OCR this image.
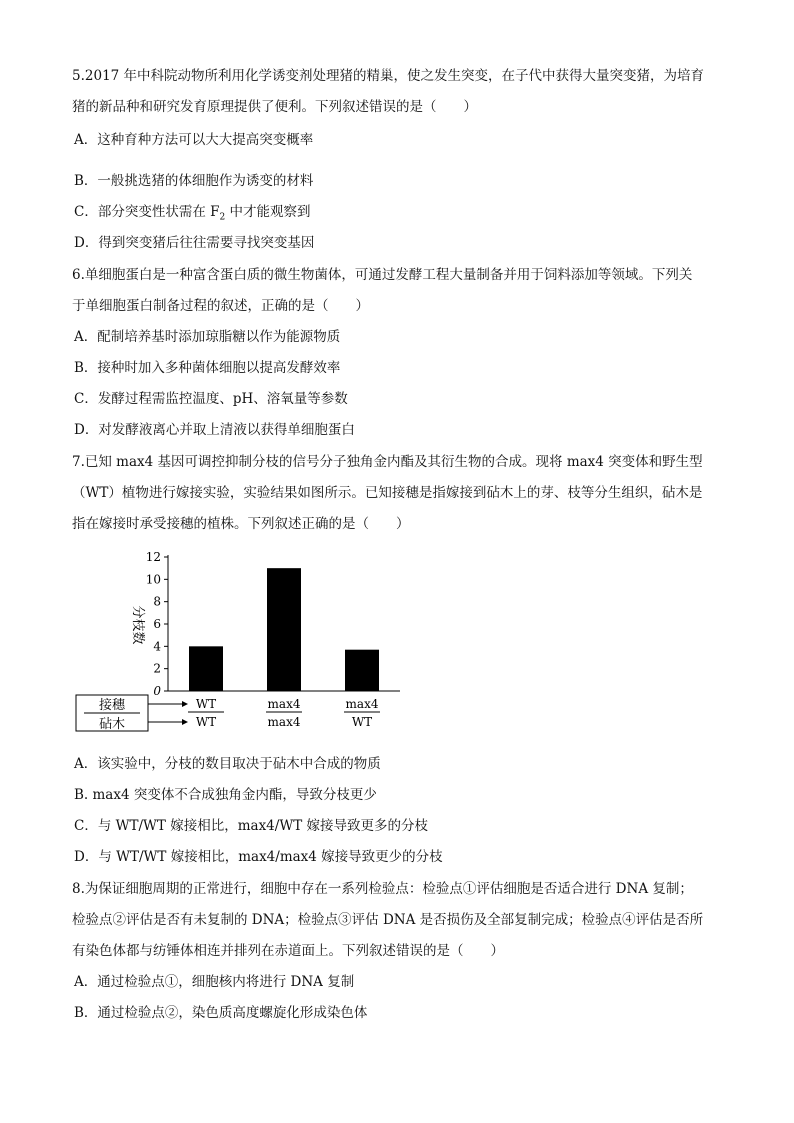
5.2017 年中科院动物所利用化学诱变剂处理猪的精巢，使之发生突变，在子代中获得大量突变猪，为培育
猪的新品种和研究发育原理提供了便利。下列叙述错误的是（　　）
A．这种育种方法可以大大提高突变概率
B．一般挑选猪的体细胞作为诱变的材料
C．部分突变性状需在 $F_2$ 中才能观察到
D．得到突变猪后往往需要寻找突变基因
6.单细胞蛋白是一种富含蛋白质的微生物菌体，可通过发酵工程大量制备并用于饲料添加等领域。下列关
于单细胞蛋白制备过程的叙述，正确的是（　　）
A．配制培养基时添加琼脂糖以作为能源物质
B．接种时加入多种菌体细胞以提高发酵效率
C．发酵过程需监控温度、pH、溶氧量等参数
D．对发酵液离心并取上清液以获得单细胞蛋白
7.已知 max4 基因可调控抑制分枝的信号分子独角金内酯及其衍生物的合成。现将 max4 突变体和野生型
（WT）植物进行嫁接实验，实验结果如图所示。已知接穗是指嫁接到砧木上的芽、枝等分生组织，砧木是
指在嫁接时承受接穗的植株。下列叙述正确的是（　　）
12
10
8
6
4
2
0
WT
WT
max4
max4
max4
WT
接穗
砧木
分枝数
A．该实验中，分枝的数目取决于砧木中合成的物质
B. max4 突变体不合成独角金内酯，导致分枝更少
C．与 WT/WT 嫁接相比，max4/WT 嫁接导致更多的分枝
D．与 WT/WT 嫁接相比，max4/max4 嫁接导致更少的分枝
8.为保证细胞周期的正常进行，细胞中存在一系列检验点：检验点①评估细胞是否适合进行 DNA 复制；
检验点②评估是否有未复制的 DNA；检验点③评估 DNA 是否损伤及全部复制完成；检验点④评估是否所
有染色体都与纺锤体相连并排列在赤道面上。下列叙述错误的是（　　）
A．通过检验点①，细胞核内将进行 DNA 复制
B．通过检验点②，染色质高度螺旋化形成染色体
